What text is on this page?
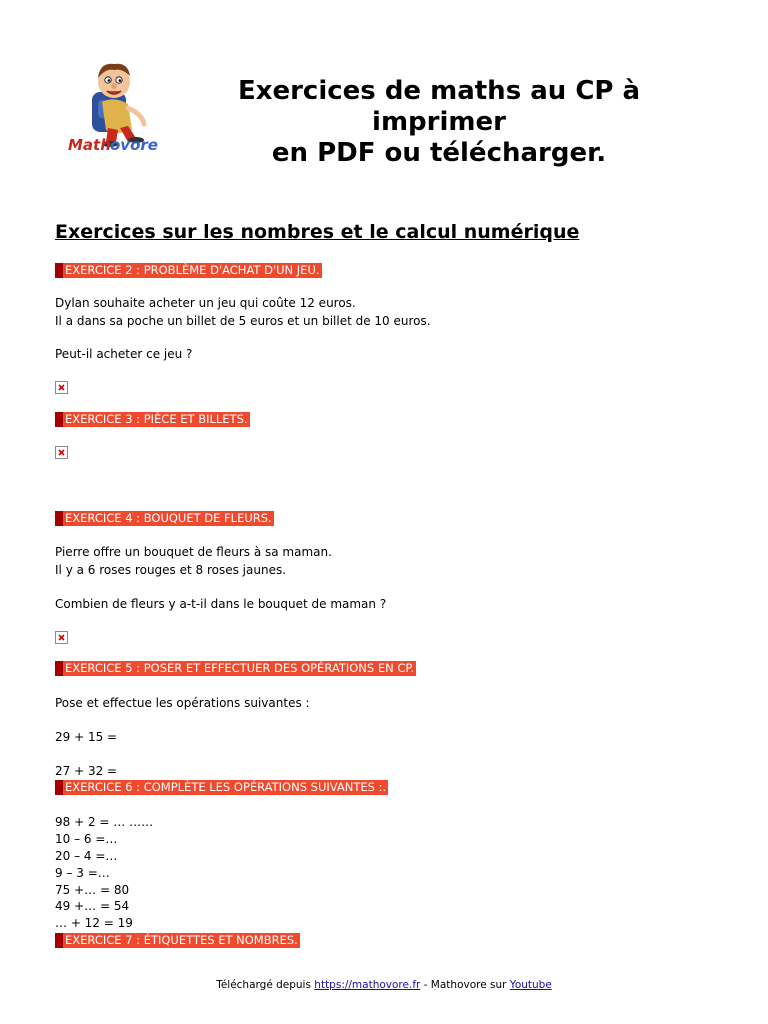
Math ovore
Exercices de maths au CP à imprimer
en PDF ou télécharger.
Exercices sur les nombres et le calcul numérique
EXERCICE 2 : PROBLÈME D'ACHAT D'UN JEU.
Dylan souhaite acheter un jeu qui coûte 12 euros.
Il a dans sa poche un billet de 5 euros et un billet de 10 euros.
Peut-il acheter ce jeu ?
EXERCICE 3 : PIÈCE ET BILLETS.
EXERCICE 4 : BOUQUET DE FLEURS.
Pierre offre un bouquet de fleurs à sa maman.
Il y a 6 roses rouges et 8 roses jaunes.
Combien de fleurs y a-t-il dans le bouquet de maman ?
EXERCICE 5 : POSER ET EFFECTUER DES OPÉRATIONS EN CP.
Pose et effectue les opérations suivantes :
29 + 15 =
27 + 32 =
EXERCICE 6 : COMPLÈTE LES OPÉRATIONS SUIVANTES :.
98 + 2 = … ……
10 – 6 =…
20 – 4 =…
9 – 3 =…
75 +… = 80
49 +… = 54
… + 12 = 19
EXERCICE 7 : ÉTIQUETTES ET NOMBRES.
Téléchargé depuis https://mathovore.fr - Mathovore sur Youtube
